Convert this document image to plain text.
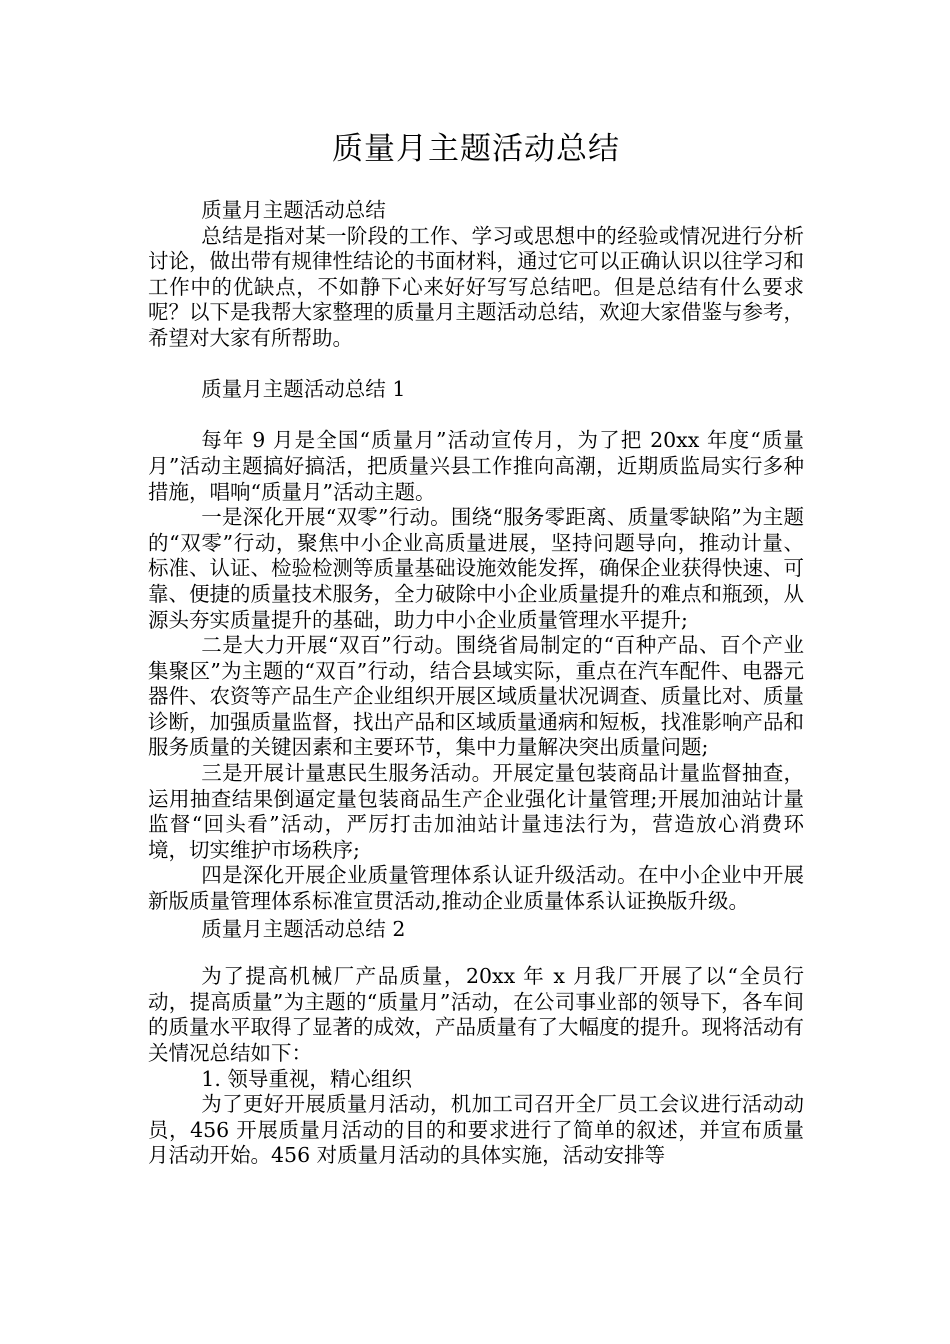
质量月主题活动总结

质量月主题活动总结

总结是指对某一阶段的工作、学习或思想中的经验或情况进行分析讨论，做出带有规律性结论的书面材料，通过它可以正确认识以往学习和工作中的优缺点，不如静下心来好好写写总结吧。但是总结有什么要求呢？以下是我帮大家整理的质量月主题活动总结，欢迎大家借鉴与参考，希望对大家有所帮助。

质量月主题活动总结 1

每年 9 月是全国“质量月”活动宣传月，为了把 20xx 年度“质量月”活动主题搞好搞活，把质量兴县工作推向高潮，近期质监局实行多种措施，唱响“质量月”活动主题。

一是深化开展“双零”行动。围绕“服务零距离、质量零缺陷”为主题的“双零”行动，聚焦中小企业高质量进展，坚持问题导向，推动计量、标准、认证、检验检测等质量基础设施效能发挥，确保企业获得快速、可靠、便捷的质量技术服务，全力破除中小企业质量提升的难点和瓶颈，从源头夯实质量提升的基础，助力中小企业质量管理水平提升;

二是大力开展“双百”行动。围绕省局制定的“百种产品、百个产业集聚区”为主题的“双百”行动，结合县域实际，重点在汽车配件、电器元器件、农资等产品生产企业组织开展区域质量状况调查、质量比对、质量诊断，加强质量监督，找出产品和区域质量通病和短板，找准影响产品和服务质量的关键因素和主要环节，集中力量解决突出质量问题;

三是开展计量惠民生服务活动。开展定量包装商品计量监督抽查，运用抽查结果倒逼定量包装商品生产企业强化计量管理;开展加油站计量监督“回头看”活动，严厉打击加油站计量违法行为，营造放心消费环境，切实维护市场秩序;

四是深化开展企业质量管理体系认证升级活动。在中小企业中开展新版质量管理体系标准宣贯活动,推动企业质量体系认证换版升级。

质量月主题活动总结 2

为了提高机械厂产品质量，20xx 年 x 月我厂开展了以“全员行动，提高质量”为主题的“质量月”活动，在公司事业部的领导下，各车间的质量水平取得了显著的成效，产品质量有了大幅度的提升。现将活动有关情况总结如下：

1. 领导重视，精心组织

为了更好开展质量月活动，机加工司召开全厂员工会议进行活动动员，456 开展质量月活动的目的和要求进行了简单的叙述，并宣布质量月活动开始。456 对质量月活动的具体实施，活动安排等
